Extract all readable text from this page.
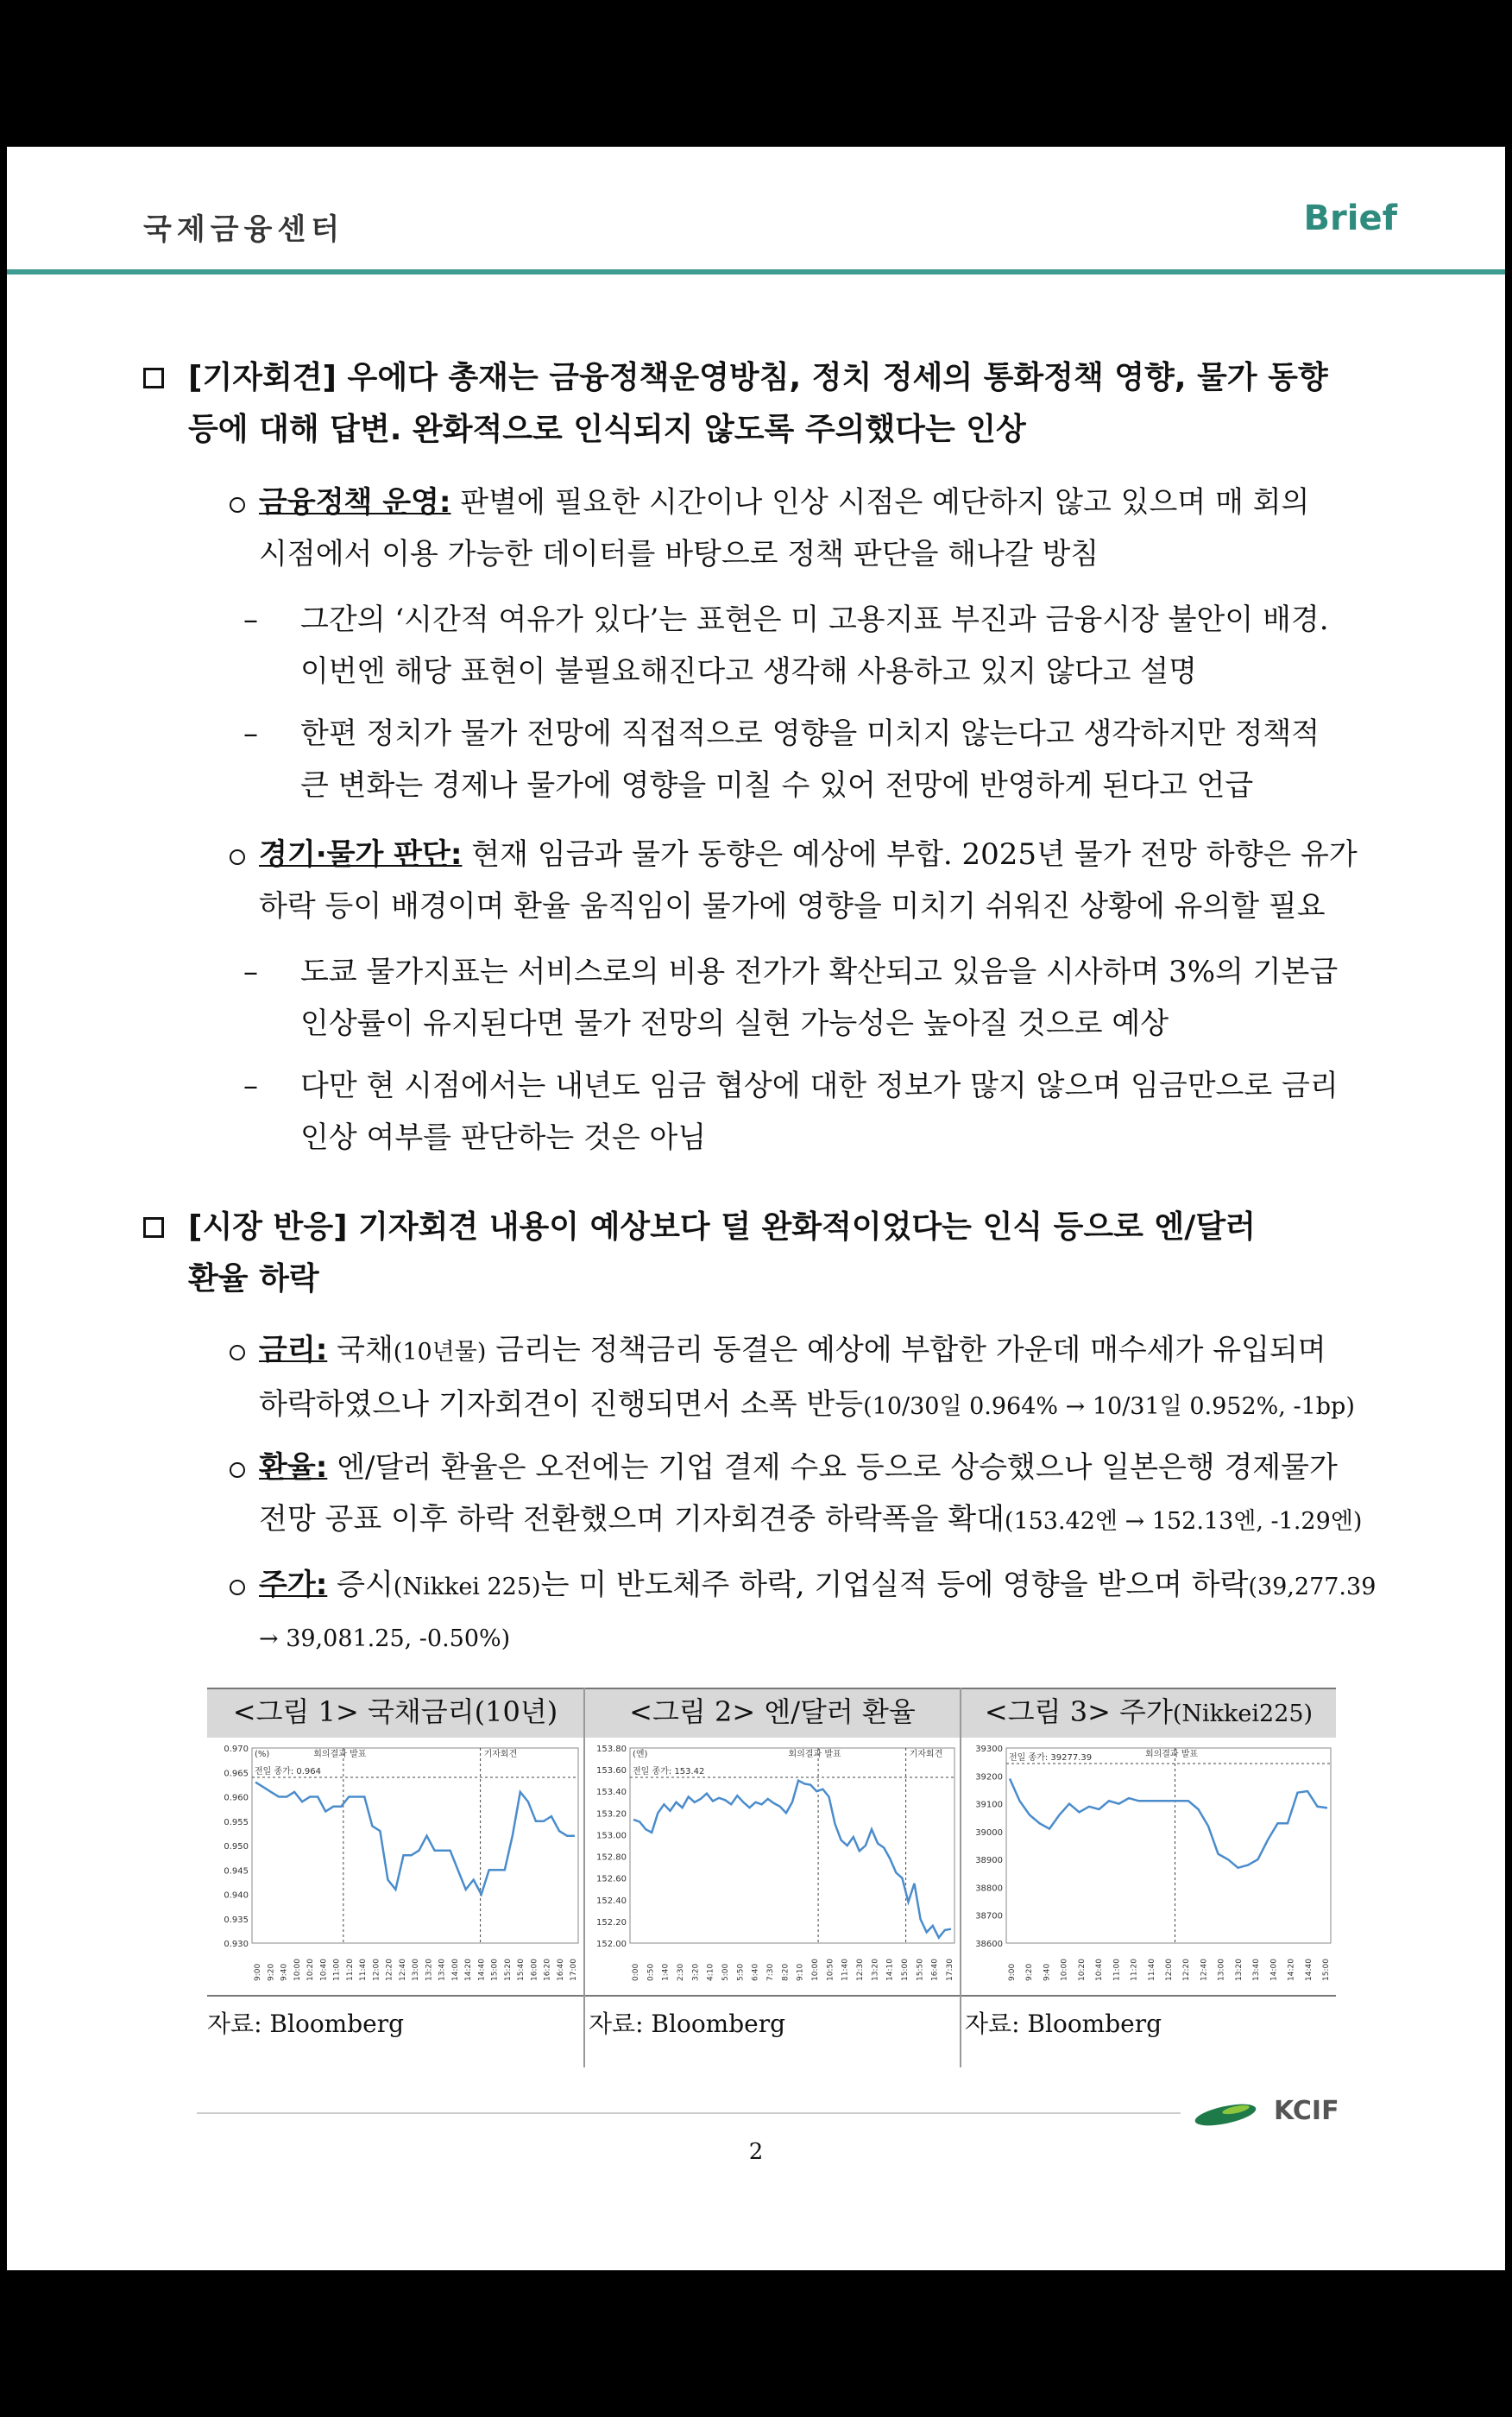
국제금융센터	Brief
[기자회견] 우에다 총재는 금융정책운영방침, 정치 정세의 통화정책 영향, 물가 동향
등에 대해 답변. 완화적으로 인식되지 않도록 주의했다는 인상
금융정책 운영: 판별에 필요한 시간이나 인상 시점은 예단하지 않고 있으며 매 회의
시점에서 이용 가능한 데이터를 바탕으로 정책 판단을 해나갈 방침
– 그간의 ‘시간적 여유가 있다’는 표현은 미 고용지표 부진과 금융시장 불안이 배경.
이번엔 해당 표현이 불필요해진다고 생각해 사용하고 있지 않다고 설명
– 한편 정치가 물가 전망에 직접적으로 영향을 미치지 않는다고 생각하지만 정책적
큰 변화는 경제나 물가에 영향을 미칠 수 있어 전망에 반영하게 된다고 언급
경기·물가 판단: 현재 임금과 물가 동향은 예상에 부합. 2025년 물가 전망 하향은 유가
하락 등이 배경이며 환율 움직임이 물가에 영향을 미치기 쉬워진 상황에 유의할 필요
– 도쿄 물가지표는 서비스로의 비용 전가가 확산되고 있음을 시사하며 3%의 기본급
인상률이 유지된다면 물가 전망의 실현 가능성은 높아질 것으로 예상
– 다만 현 시점에서는 내년도 임금 협상에 대한 정보가 많지 않으며 임금만으로 금리
인상 여부를 판단하는 것은 아님
[시장 반응] 기자회견 내용이 예상보다 덜 완화적이었다는 인식 등으로 엔/달러
환율 하락
금리: 국채(10년물) 금리는 정책금리 동결은 예상에 부합한 가운데 매수세가 유입되며
하락하였으나 기자회견이 진행되면서 소폭 반등(10/30일 0.964% → 10/31일 0.952%, -1bp)
환율: 엔/달러 환율은 오전에는 기업 결제 수요 등으로 상승했으나 일본은행 경제물가
전망 공표 이후 하락 전환했으며 기자회견중 하락폭을 확대(153.42엔 → 152.13엔, -1.29엔)
주가: 증시(Nikkei 225)는 미 반도체주 하락, 기업실적 등에 영향을 받으며 하락(39,277.39
→ 39,081.25, -0.50%)
<그림 1> 국채금리(10년)	<그림 2> 엔/달러 환율	<그림 3> 주가(Nikkei225)
0.970
0.965
0.960
0.955
0.950
0.945
0.940
0.935
0.930
9:00 9:20 9:40 10:00 10:20 10:40 11:00 11:20 11:40 12:00 12:20 12:40 13:00 13:20 13:40 14:00 14:20 14:40 15:00 15:20 15:40 16:00 16:20 16:40 17:00
(%)
전일 종가: 0.964
회의결과 발표	기자회견
153.80
153.60
153.40
153.20
153.00
152.80
152.60
152.40
152.20
152.00
0:00 0:50 1:40 2:30 3:20 4:10 5:00 5:50 6:40 7:30 8:20 9:10 10:00 10:50 11:40 12:30 13:20 14:10 15:00 15:50 16:40 17:30
(엔)
전일 종가: 153.42
회의결과 발표	기자회견
39300
39200
39100
39000
38900
38800
38700
38600
9:00 9:20 9:40 10:00 10:20 10:40 11:00 11:20 11:40 12:00 12:20 12:40 13:00 13:20 13:40 14:00 14:20 14:40 15:00
전일 종가: 39277.39	회의결과 발표
자료: Bloomberg	자료: Bloomberg	자료: Bloomberg
KCIF
2
